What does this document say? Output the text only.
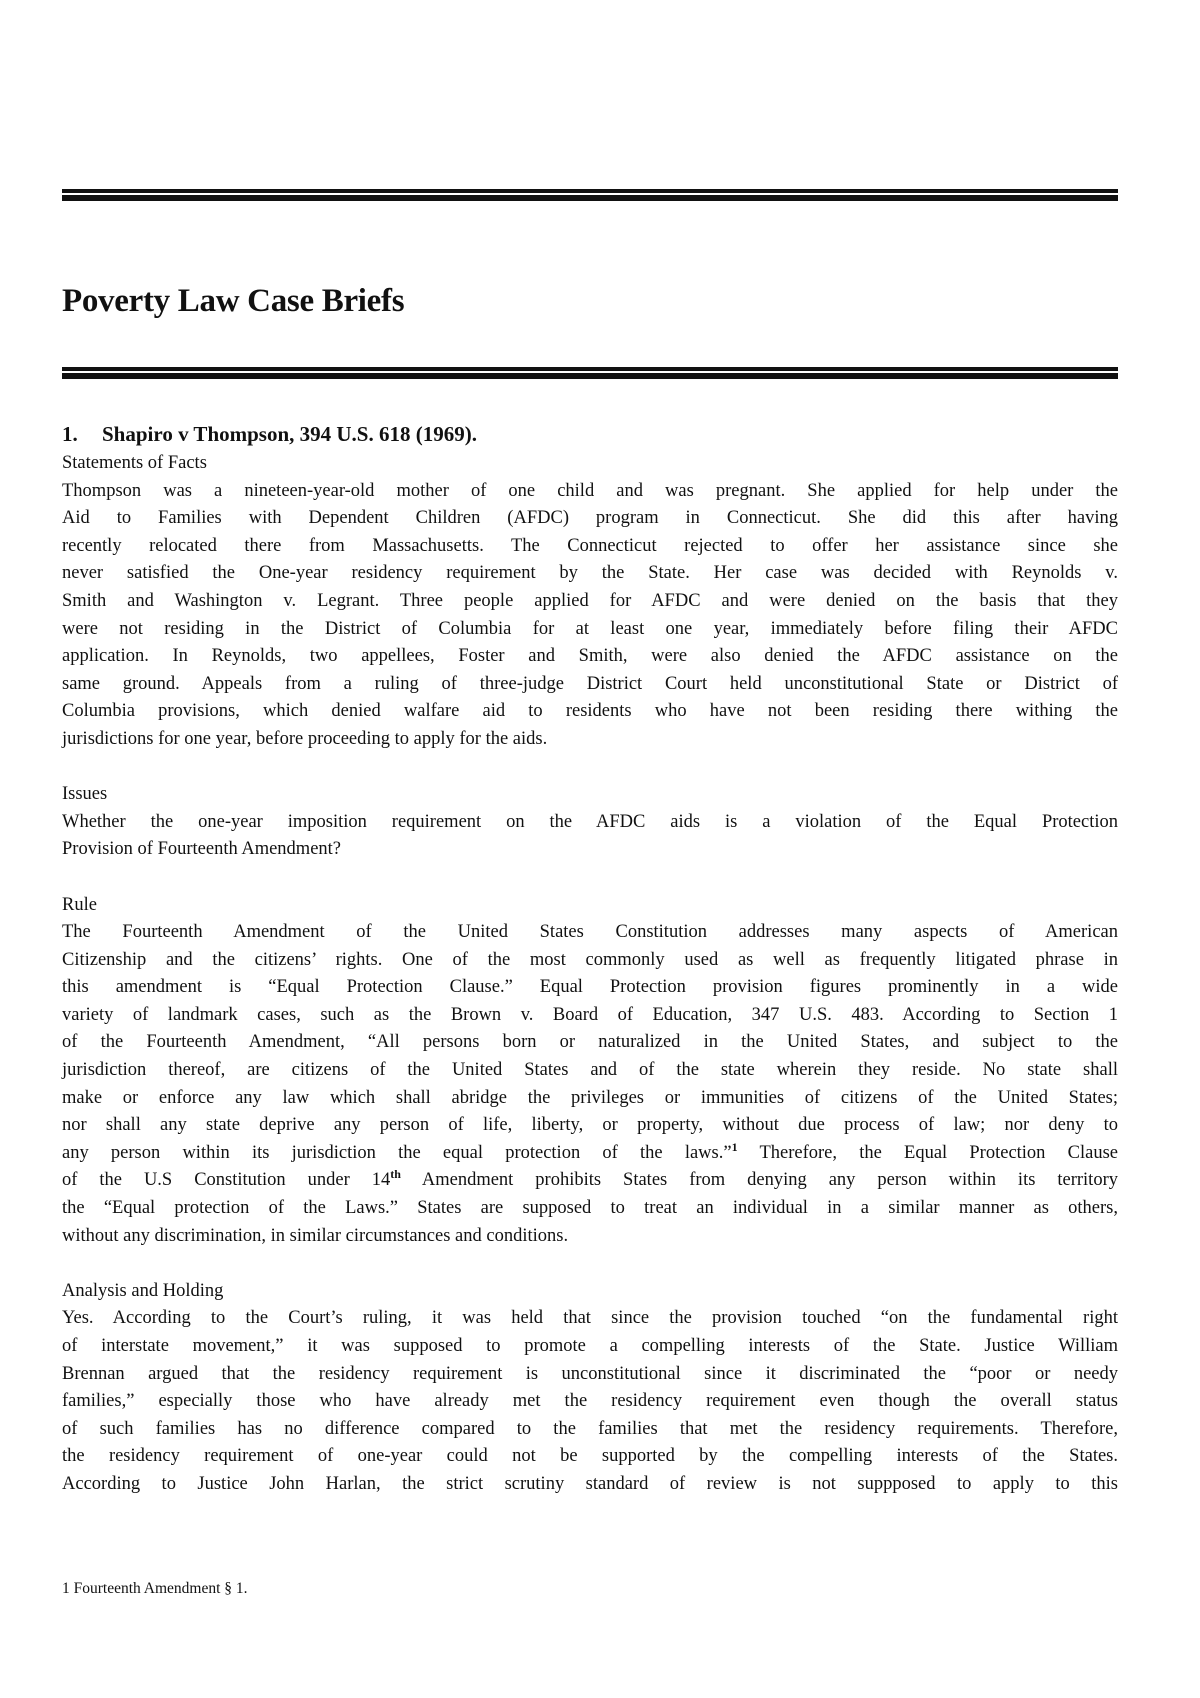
Poverty Law Case Briefs
1. Shapiro v Thompson, 394 U.S. 618 (1969).
Statements of Facts
Thompson was a nineteen-year-old mother of one child and was pregnant. She applied for help under the
Aid to Families with Dependent Children (AFDC) program in Connecticut. She did this after having
recently relocated there from Massachusetts. The Connecticut rejected to offer her assistance since she
never satisfied the One-year residency requirement by the State. Her case was decided with Reynolds v.
Smith and Washington v. Legrant. Three people applied for AFDC and were denied on the basis that they
were not residing in the District of Columbia for at least one year, immediately before filing their AFDC
application. In Reynolds, two appellees, Foster and Smith, were also denied the AFDC assistance on the
same ground. Appeals from a ruling of three-judge District Court held unconstitutional State or District of
Columbia provisions, which denied walfare aid to residents who have not been residing there withing the
jurisdictions for one year, before proceeding to apply for the aids.
Issues
Whether the one-year imposition requirement on the AFDC aids is a violation of the Equal Protection
Provision of Fourteenth Amendment?
Rule
The Fourteenth Amendment of the United States Constitution addresses many aspects of American
Citizenship and the citizens’ rights. One of the most commonly used as well as frequently litigated phrase in
this amendment is “Equal Protection Clause.” Equal Protection provision figures prominently in a wide
variety of landmark cases, such as the Brown v. Board of Education, 347 U.S. 483. According to Section 1
of the Fourteenth Amendment, “All persons born or naturalized in the United States, and subject to the
jurisdiction thereof, are citizens of the United States and of the state wherein they reside. No state shall
make or enforce any law which shall abridge the privileges or immunities of citizens of the United States;
nor shall any state deprive any person of life, liberty, or property, without due process of law; nor deny to
any person within its jurisdiction the equal protection of the laws.”$^1$ Therefore, the Equal Protection Clause
of the U.S Constitution under 14th Amendment prohibits States from denying any person within its territory
the “Equal protection of the Laws.” States are supposed to treat an individual in a similar manner as others,
without any discrimination, in similar circumstances and conditions.
Analysis and Holding
Yes. According to the Court’s ruling, it was held that since the provision touched “on the fundamental right
of interstate movement,” it was supposed to promote a compelling interests of the State. Justice William
Brennan argued that the residency requirement is unconstitutional since it discriminated the “poor or needy
families,” especially those who have already met the residency requirement even though the overall status
of such families has no difference compared to the families that met the residency requirements. Therefore,
the residency requirement of one-year could not be supported by the compelling interests of the States.
According to Justice John Harlan, the strict scrutiny standard of review is not suppposed to apply to this
1 Fourteenth Amendment § 1.
